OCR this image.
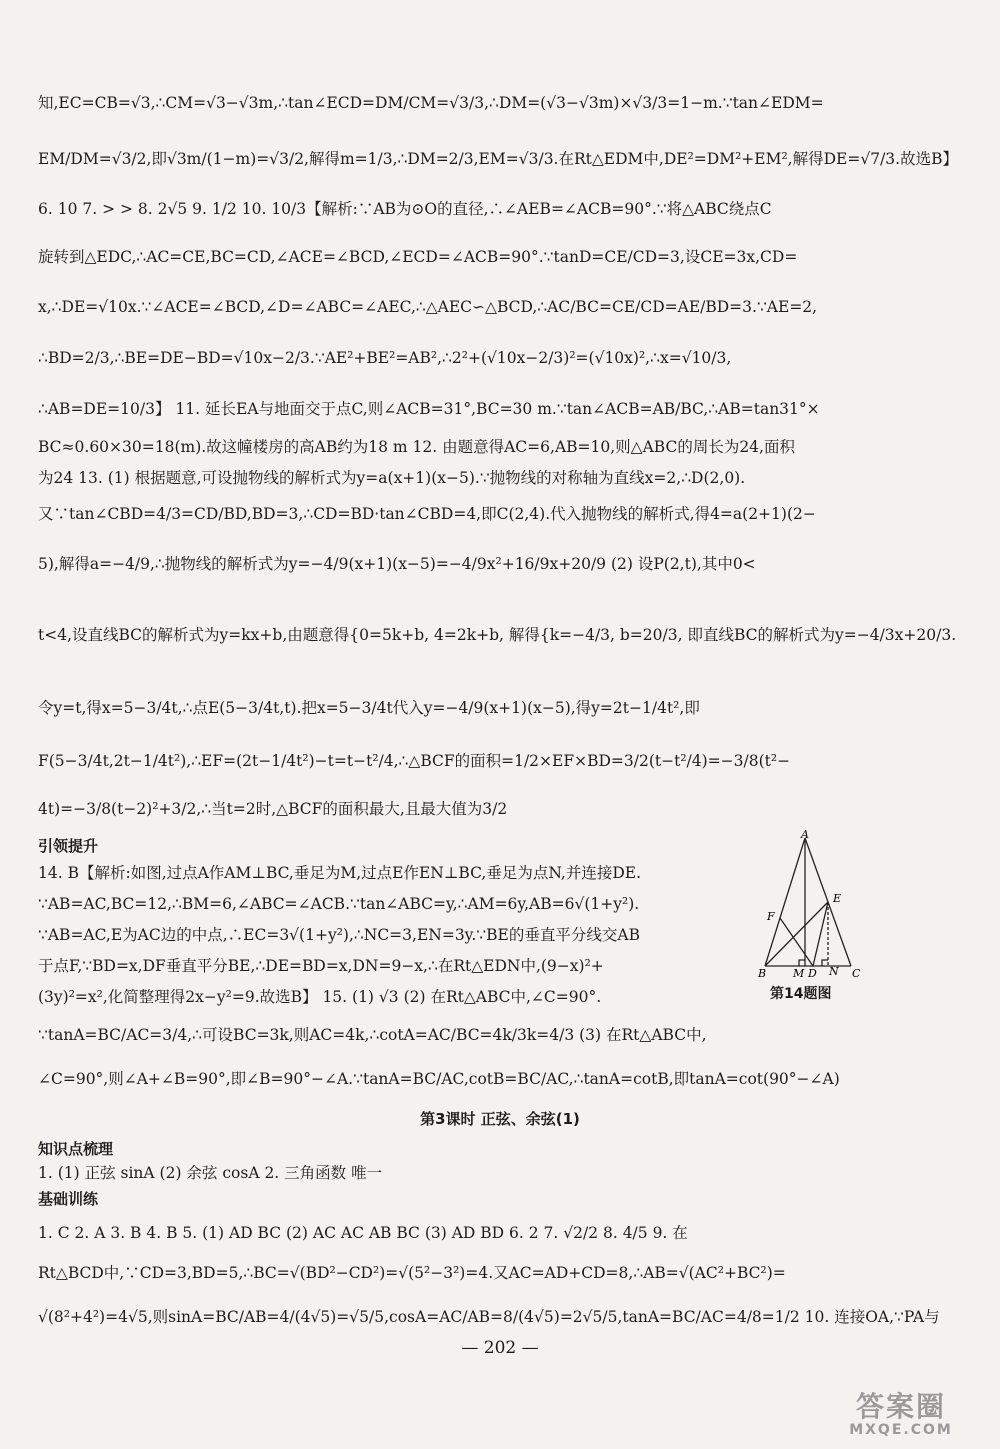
知,EC=CB=√3,∴CM=√3−√3m,∴tan∠ECD=DM/CM=√3/3,∴DM=(√3−√3m)×√3/3=1−m.∵tan∠EDM=
EM/DM=√3/2,即√3m/(1−m)=√3/2,解得m=1/3,∴DM=2/3,EM=√3/3.在Rt△EDM中,DE²=DM²+EM²,解得DE=√7/3.故选B】
6. 10 7. > > 8. 2√5 9. 1/2 10. 10/3【解析:∵AB为⊙O的直径,∴∠AEB=∠ACB=90°.∵将△ABC绕点C
旋转到△EDC,∴AC=CE,BC=CD,∠ACE=∠BCD,∠ECD=∠ACB=90°.∵tanD=CE/CD=3,设CE=3x,CD=
x,∴DE=√10x.∵∠ACE=∠BCD,∠D=∠ABC=∠AEC,∴△AEC∽△BCD,∴AC/BC=CE/CD=AE/BD=3.∵AE=2,
∴BD=2/3,∴BE=DE−BD=√10x−2/3.∵AE²+BE²=AB²,∴2²+(√10x−2/3)²=(√10x)²,∴x=√10/3,
∴AB=DE=10/3】 11. 延长EA与地面交于点C,则∠ACB=31°,BC=30 m.∵tan∠ACB=AB/BC,∴AB=tan31°×
BC≈0.60×30=18(m).故这幢楼房的高AB约为18 m 12. 由题意得AC=6,AB=10,则△ABC的周长为24,面积
为24 13. (1) 根据题意,可设抛物线的解析式为y=a(x+1)(x−5).∵抛物线的对称轴为直线x=2,∴D(2,0).
又∵tan∠CBD=4/3=CD/BD,BD=3,∴CD=BD·tan∠CBD=4,即C(2,4).代入抛物线的解析式,得4=a(2+1)(2−
5),解得a=−4/9,∴抛物线的解析式为y=−4/9(x+1)(x−5)=−4/9x²+16/9x+20/9 (2) 设P(2,t),其中0<
t<4,设直线BC的解析式为y=kx+b,由题意得{0=5k+b, 4=2k+b, 解得{k=−4/3, b=20/3, 即直线BC的解析式为y=−4/3x+20/3.
令y=t,得x=5−3/4t,∴点E(5−3/4t,t).把x=5−3/4t代入y=−4/9(x+1)(x−5),得y=2t−1/4t²,即
F(5−3/4t,2t−1/4t²),∴EF=(2t−1/4t²)−t=t−t²/4,∴△BCF的面积=1/2×EF×BD=3/2(t−t²/4)=−3/8(t²−
4t)=−3/8(t−2)²+3/2,∴当t=2时,△BCF的面积最大,且最大值为3/2
引领提升
14. B【解析:如图,过点A作AM⊥BC,垂足为M,过点E作EN⊥BC,垂足为点N,并连接DE.
∵AB=AC,BC=12,∴BM=6,∠ABC=∠ACB.∵tan∠ABC=y,∴AM=6y,AB=6√(1+y²).
∵AB=AC,E为AC边的中点,∴EC=3√(1+y²),∴NC=3,EN=3y.∵BE的垂直平分线交AB
于点F,∵BD=x,DF垂直平分BE,∴DE=BD=x,DN=9−x,∴在Rt△EDN中,(9−x)²+
(3y)²=x²,化简整理得2x−y²=9.故选B】 15. (1) √3 (2) 在Rt△ABC中,∠C=90°.
∵tanA=BC/AC=3/4,∴可设BC=3k,则AC=4k,∴cotA=AC/BC=4k/3k=4/3 (3) 在Rt△ABC中,
∠C=90°,则∠A+∠B=90°,即∠B=90°−∠A.∵tanA=BC/AC,cotB=BC/AC,∴tanA=cotB,即tanA=cot(90°−∠A)
第3课时 正弦、余弦(1)
知识点梳理
1. (1) 正弦 sinA (2) 余弦 cosA 2. 三角函数 唯一
基础训练
1. C 2. A 3. B 4. B 5. (1) AD BC (2) AC AC AB BC (3) AD BD 6. 2 7. √2/2 8. 4/5 9. 在
Rt△BCD中,∵CD=3,BD=5,∴BC=√(BD²−CD²)=√(5²−3²)=4.又AC=AD+CD=8,∴AB=√(AC²+BC²)=
√(8²+4²)=4√5,则sinA=BC/AB=4/(4√5)=√5/5,cosA=AC/AB=8/(4√5)=2√5/5,tanA=BC/AC=4/8=1/2 10. 连接OA,∵PA与
A
B	C
E
F
M D N
第14题图
— 202 —
答案圈
MXQE.COM
